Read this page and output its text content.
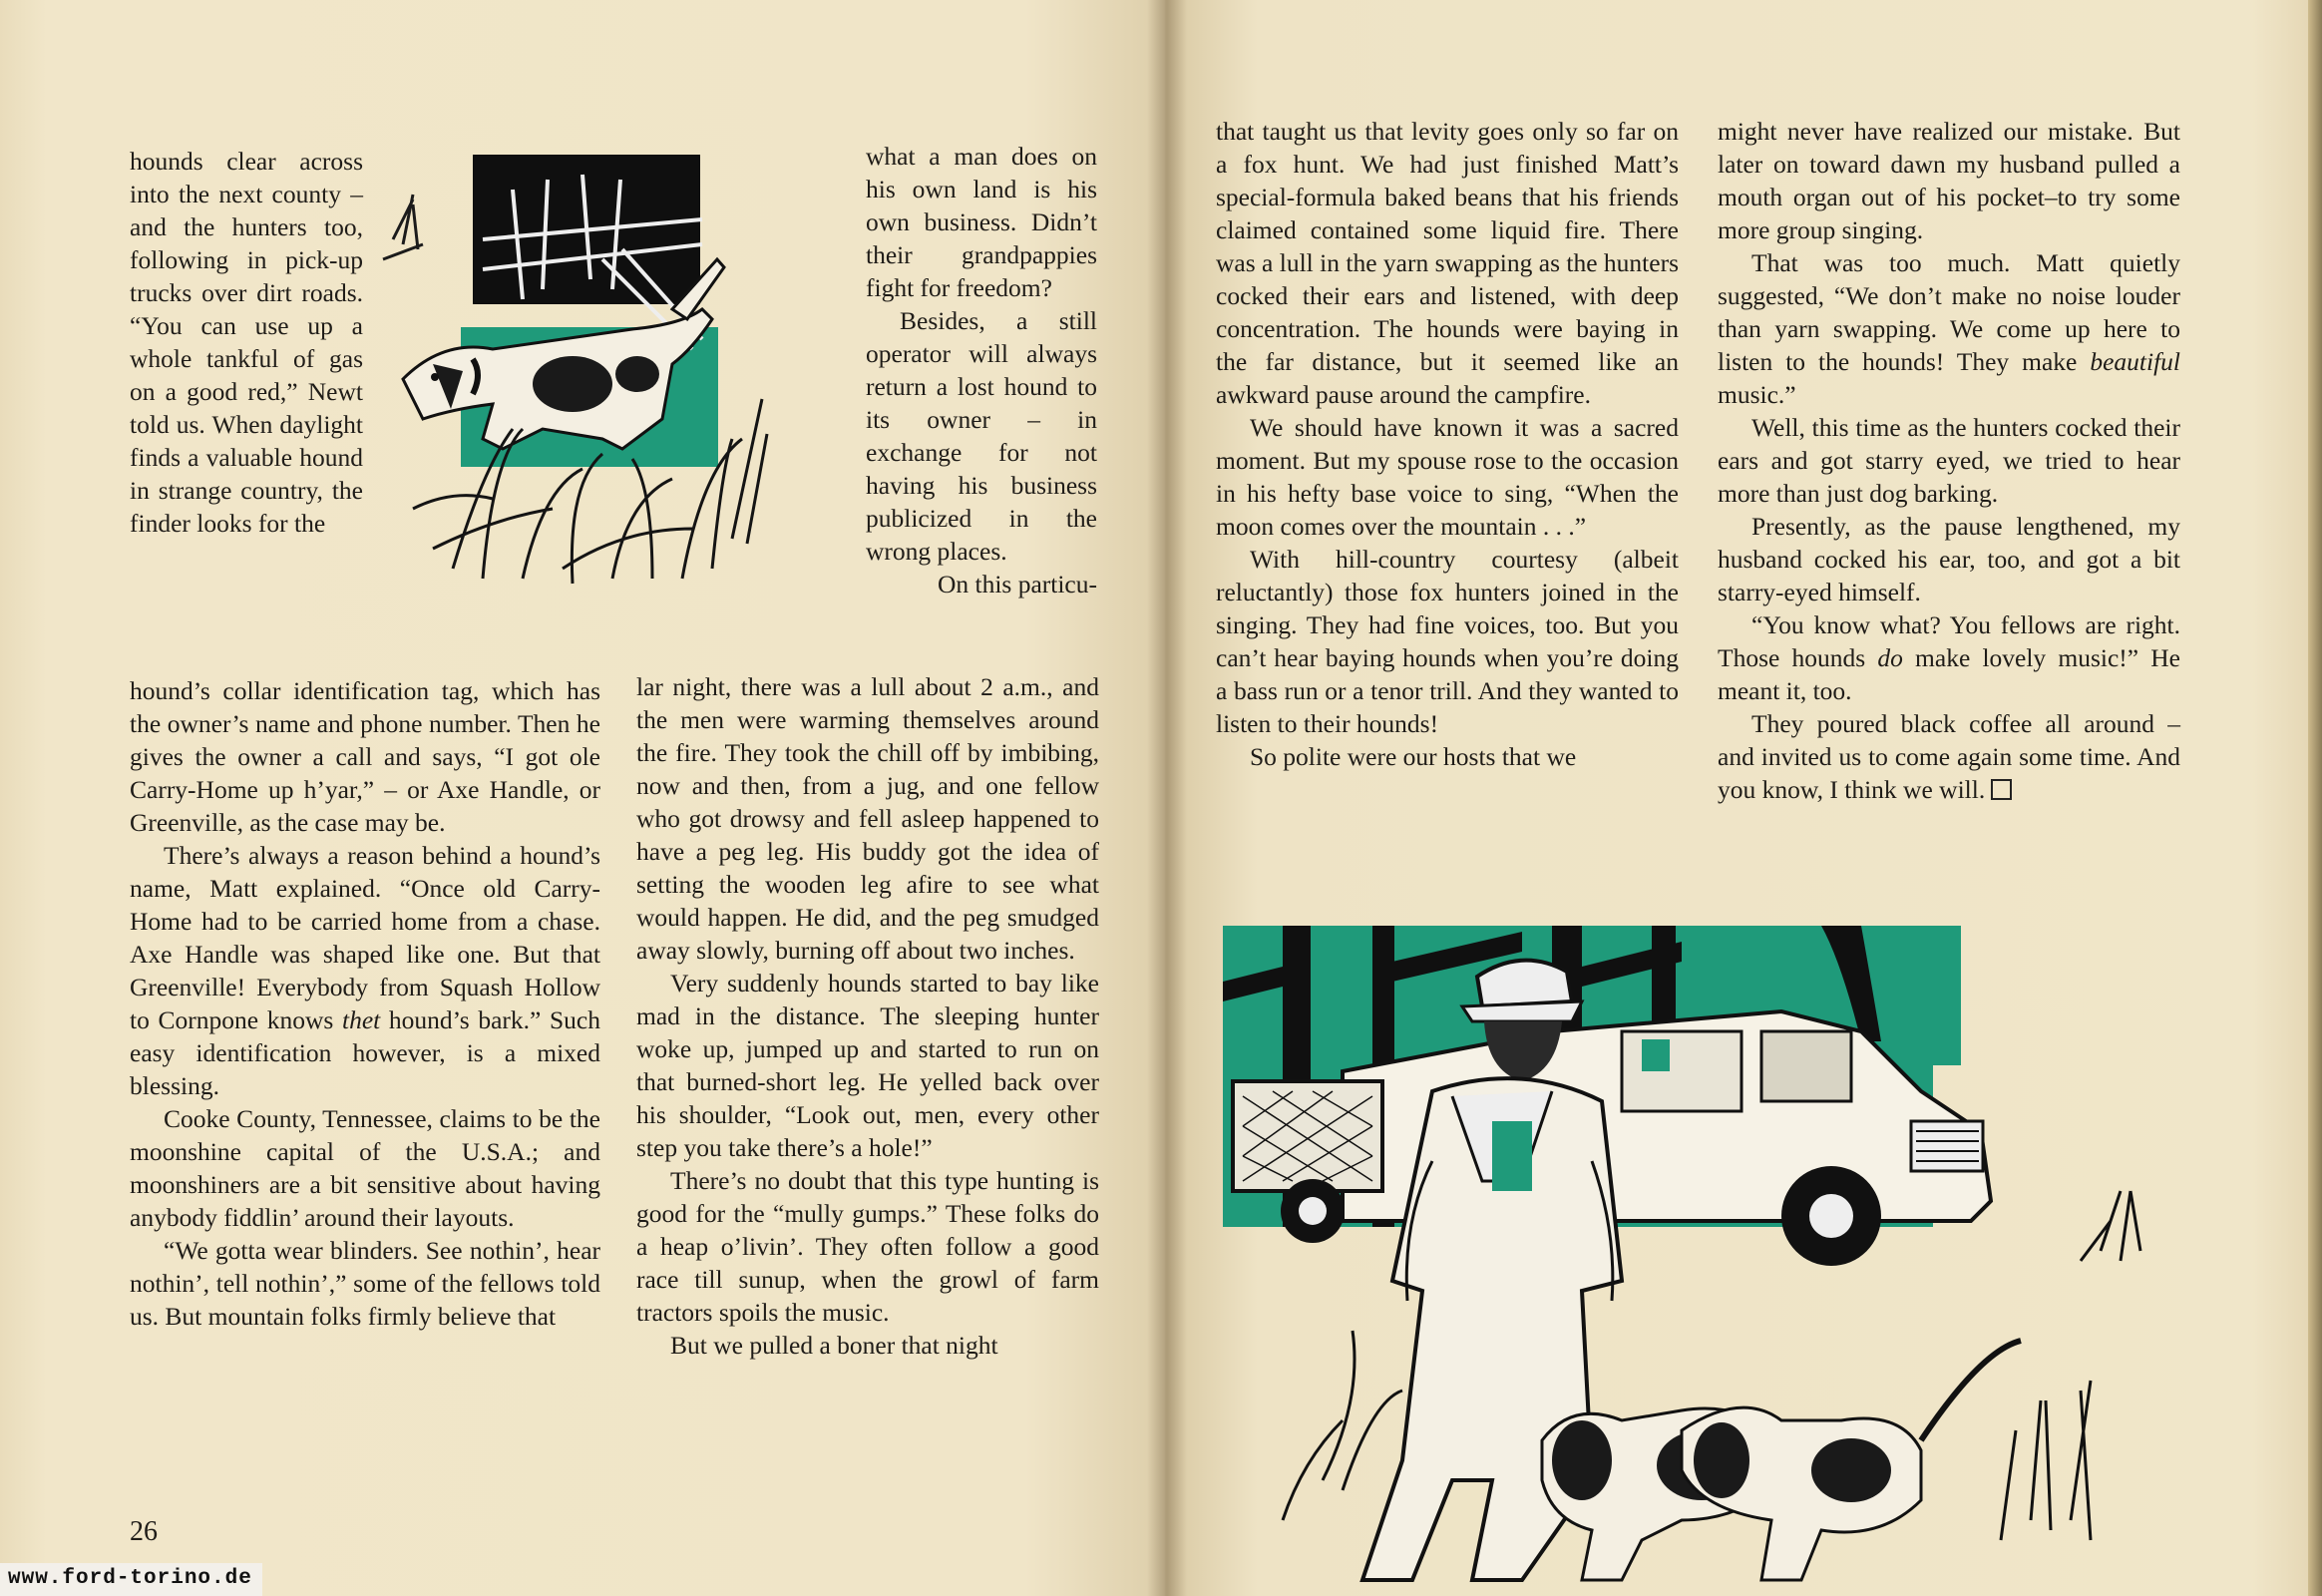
hounds clear across into the next county – and the hunters too, following in pick-up trucks over dirt roads. “You can use up a whole tankful of gas on a good red,” Newt told us. When daylight finds a valuable hound in strange country, the finder looks for the

hound’s collar identification tag, which has the owner’s name and phone number. Then he gives the owner a call and says, “I got ole Carry-Home up h’yar,” – or Axe Handle, or Greenville, as the case may be.

There’s always a reason behind a hound’s name, Matt explained. “Once old Carry-Home had to be carried home from a chase. Axe Handle was shaped like one. But that Greenville! Everybody from Squash Hollow to Cornpone knows thet hound’s bark.” Such easy identification however, is a mixed blessing.

Cooke County, Tennessee, claims to be the moonshine capital of the U.S.A.; and moonshiners are a bit sensitive about having anybody fiddlin’ around their layouts.

“We gotta wear blinders. See nothin’, hear nothin’, tell nothin’,” some of the fellows told us. But mountain folks firmly believe that

what a man does on his own land is his own business. Didn’t their grandpappies fight for freedom?

Besides, a still operator will always return a lost hound to its owner – in exchange for not having his business publicized in the wrong places.

On this particu-

lar night, there was a lull about 2 a.m., and the men were warming themselves around the fire. They took the chill off by imbibing, now and then, from a jug, and one fellow who got drowsy and fell asleep happened to have a peg leg. His buddy got the idea of setting the wooden leg afire to see what would happen. He did, and the peg smudged away slowly, burning off about two inches.

Very suddenly hounds started to bay like mad in the distance. The sleeping hunter woke up, jumped up and started to run on that burned-short leg. He yelled back over his shoulder, “Look out, men, every other step you take there’s a hole!”

There’s no doubt that this type hunting is good for the “mully gumps.” These folks do a heap o’livin’. They often follow a good race till sunup, when the growl of farm tractors spoils the music.

But we pulled a boner that night

26

that taught us that levity goes only so far on a fox hunt. We had just finished Matt’s special-formula baked beans that his friends claimed contained some liquid fire. There was a lull in the yarn swapping as the hunters cocked their ears and listened, with deep concentration. The hounds were baying in the far distance, but it seemed like an awkward pause around the campfire.

We should have known it was a sacred moment. But my spouse rose to the occasion in his hefty base voice to sing, “When the moon comes over the mountain . . .”

With hill-country courtesy (albeit reluctantly) those fox hunters joined in the singing. They had fine voices, too. But you can’t hear baying hounds when you’re doing a bass run or a tenor trill. And they wanted to listen to their hounds!

So polite were our hosts that we

might never have realized our mistake. But later on toward dawn my husband pulled a mouth organ out of his pocket–to try some more group singing.

That was too much. Matt quietly suggested, “We don’t make no noise louder than yarn swapping. We come up here to listen to the hounds! They make beautiful music.”

Well, this time as the hunters cocked their ears and got starry eyed, we tried to hear more than just dog barking.

Presently, as the pause lengthened, my husband cocked his ear, too, and got a bit starry-eyed himself.

“You know what? You fellows are right. Those hounds do make lovely music!” He meant it, too.

They poured black coffee all around – and invited us to come again some time. And you know, I think we will.

www.ford-torino.de
